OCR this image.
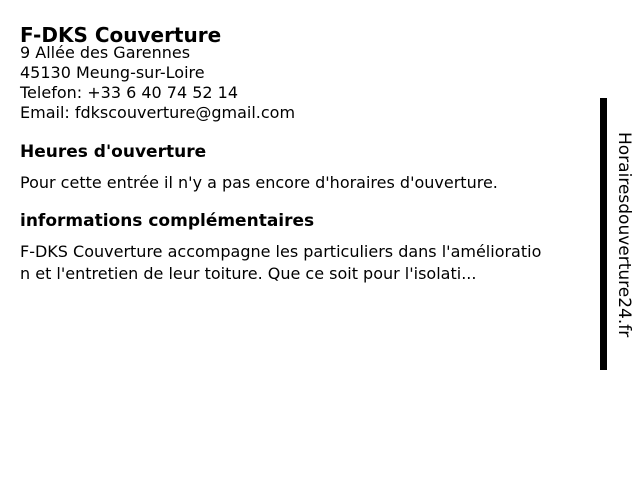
F-DKS Couverture
9 Allée des Garennes
45130 Meung-sur-Loire
Telefon: +33 6 40 74 52 14
Email: fdkscouverture@gmail.com
Heures d'ouverture
Pour cette entrée il n'y a pas encore d'horaires d'ouverture.
informations complémentaires
F-DKS Couverture accompagne les particuliers dans l'amélioratio
n et l'entretien de leur toiture. Que ce soit pour l'isolati...	Horairesdouverture24.fr
